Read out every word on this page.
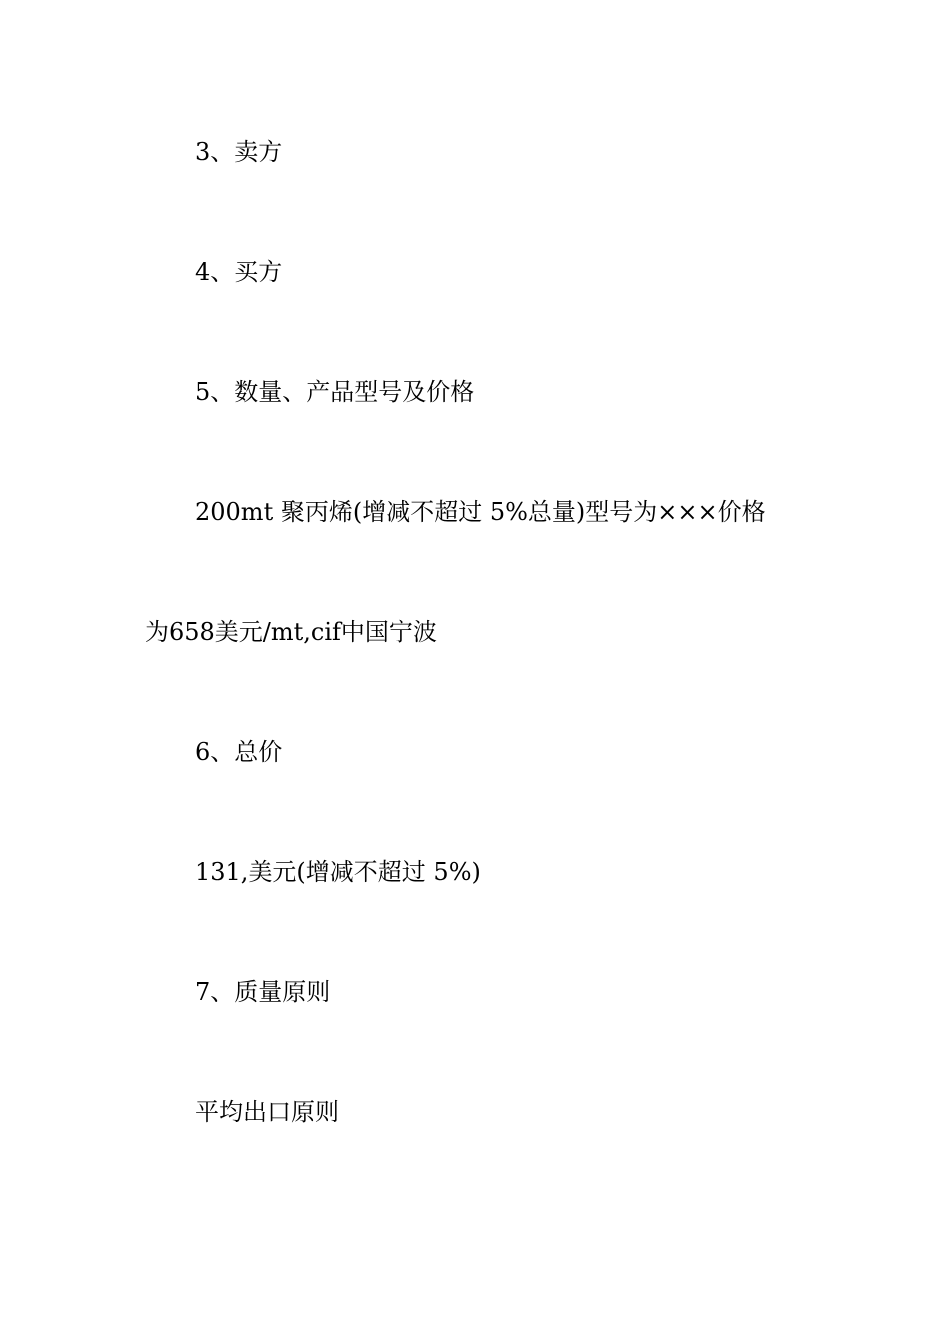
3、卖方
4、买方
5、数量、产品型号及价格
200mt 聚丙烯(增减不超过 5%总量)型号为×××价格
为658美元/mt,cif中国宁波
6、总价
131,美元(增减不超过 5%)
7、质量原则
平均出口原则
